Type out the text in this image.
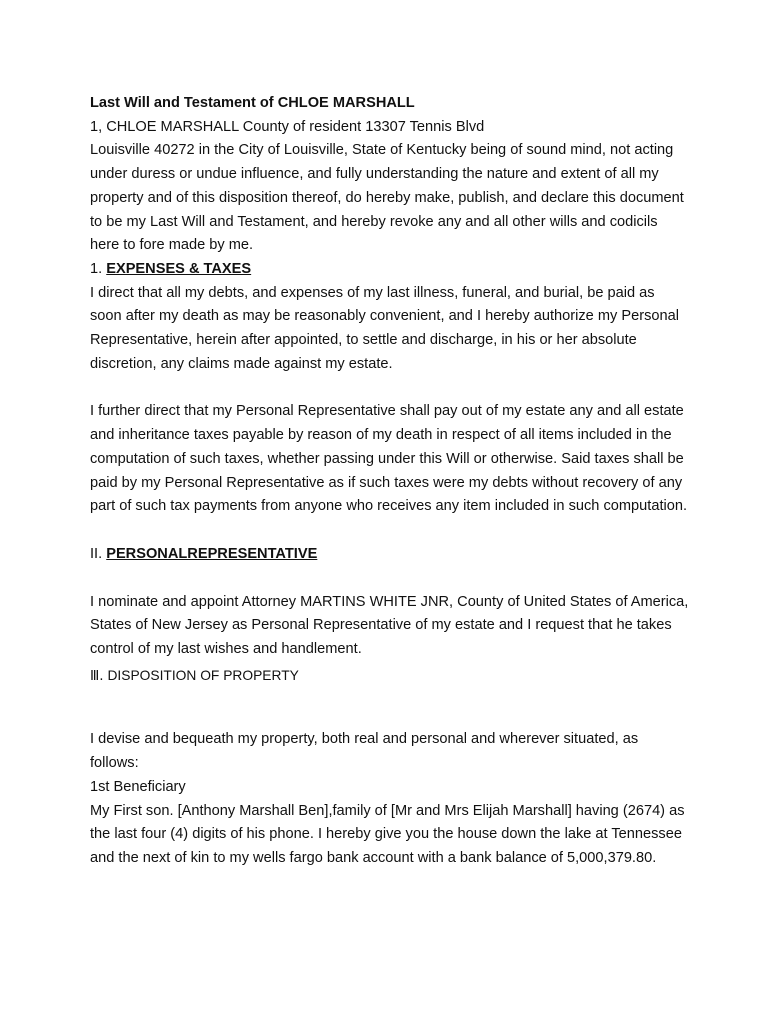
Last Will and Testament of CHLOE MARSHALL

1, CHLOE MARSHALL County of resident 13307 Tennis Blvd

Louisville 40272 in the City of Louisville, State of Kentucky being of sound mind, not acting under duress or undue influence, and fully understanding the nature and extent of all my property and of this disposition thereof, do hereby make, publish, and declare this document to be my Last Will and Testament, and hereby revoke any and all other wills and codicils here to fore made by me.

1. EXPENSES & TAXES

I direct that all my debts, and expenses of my last illness, funeral, and burial, be paid as soon after my death as may be reasonably convenient, and I hereby authorize my Personal Representative, herein after appointed, to settle and discharge, in his or her absolute discretion, any claims made against my estate.

I further direct that my Personal Representative shall pay out of my estate any and all estate and inheritance taxes payable by reason of my death in respect of all items included in the computation of such taxes, whether passing under this Will or otherwise. Said taxes shall be paid by my Personal Representative as if such taxes were my debts without recovery of any part of such tax payments from anyone who receives any item included in such computation.

II. PERSONALREPRESENTATIVE

I nominate and appoint Attorney MARTINS WHITE JNR, County of United States of America, States of New Jersey as Personal Representative of my estate and I request that he takes control of my last wishes and handlement.

Ⅲ. DISPOSITION OF PROPERTY

I devise and bequeath my property, both real and personal and wherever situated, as follows:

1st Beneficiary

My First son. [Anthony Marshall Ben],family of [Mr and Mrs Elijah Marshall] having (2674) as the last four (4) digits of his phone. I hereby give you the house down the lake at Tennessee and the next of kin to my wells fargo bank account with a bank balance of 5,000,379.80.
